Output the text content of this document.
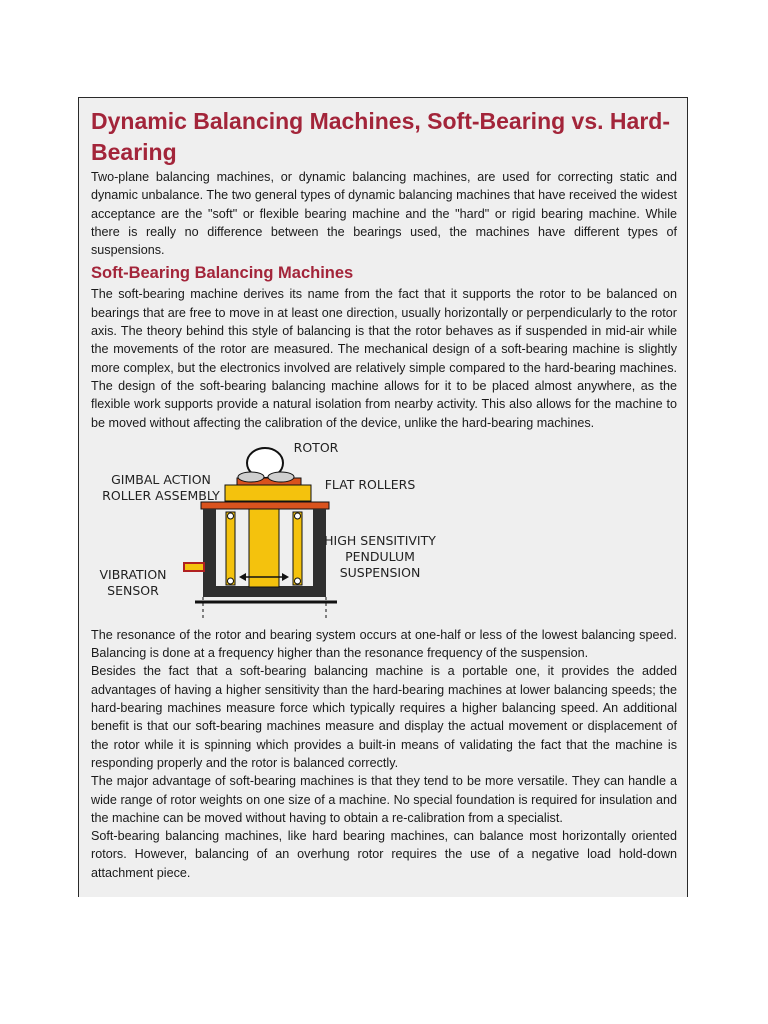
Dynamic Balancing Machines, Soft-Bearing vs. Hard-Bearing

Two-plane balancing machines, or dynamic balancing machines, are used for correcting static and dynamic unbalance. The two general types of dynamic balancing machines that have received the widest acceptance are the "soft" or flexible bearing machine and the "hard" or rigid bearing machine. While there is really no difference between the bearings used, the machines have different types of suspensions.

Soft-Bearing Balancing Machines

The soft-bearing machine derives its name from the fact that it supports the rotor to be balanced on bearings that are free to move in at least one direction, usually horizontally or perpendicularly to the rotor axis. The theory behind this style of balancing is that the rotor behaves as if suspended in mid-air while the movements of the rotor are measured. The mechanical design of a soft-bearing machine is slightly more complex, but the electronics involved are relatively simple compared to the hard-bearing machines. The design of the soft-bearing balancing machine allows for it to be placed almost anywhere, as the flexible work supports provide a natural isolation from nearby activity. This also allows for the machine to be moved without affecting the calibration of the device, unlike the hard-bearing machines.

ROTOR
GIMBAL ACTION
ROLLER ASSEMBLY
FLAT ROLLERS
HIGH SENSITIVITY
PENDULUM
SUSPENSION
VIBRATION
SENSOR

The resonance of the rotor and bearing system occurs at one-half or less of the lowest balancing speed. Balancing is done at a frequency higher than the resonance frequency of the suspension.

Besides the fact that a soft-bearing balancing machine is a portable one, it provides the added advantages of having a higher sensitivity than the hard-bearing machines at lower balancing speeds; the hard-bearing machines measure force which typically requires a higher balancing speed. An additional benefit is that our soft-bearing machines measure and display the actual movement or displacement of the rotor while it is spinning which provides a built-in means of validating the fact that the machine is responding properly and the rotor is balanced correctly.

The major advantage of soft-bearing machines is that they tend to be more versatile. They can handle a wide range of rotor weights on one size of a machine. No special foundation is required for insulation and the machine can be moved without having to obtain a re-calibration from a specialist.

Soft-bearing balancing machines, like hard bearing machines, can balance most horizontally oriented rotors. However, balancing of an overhung rotor requires the use of a negative load hold-down attachment piece.
